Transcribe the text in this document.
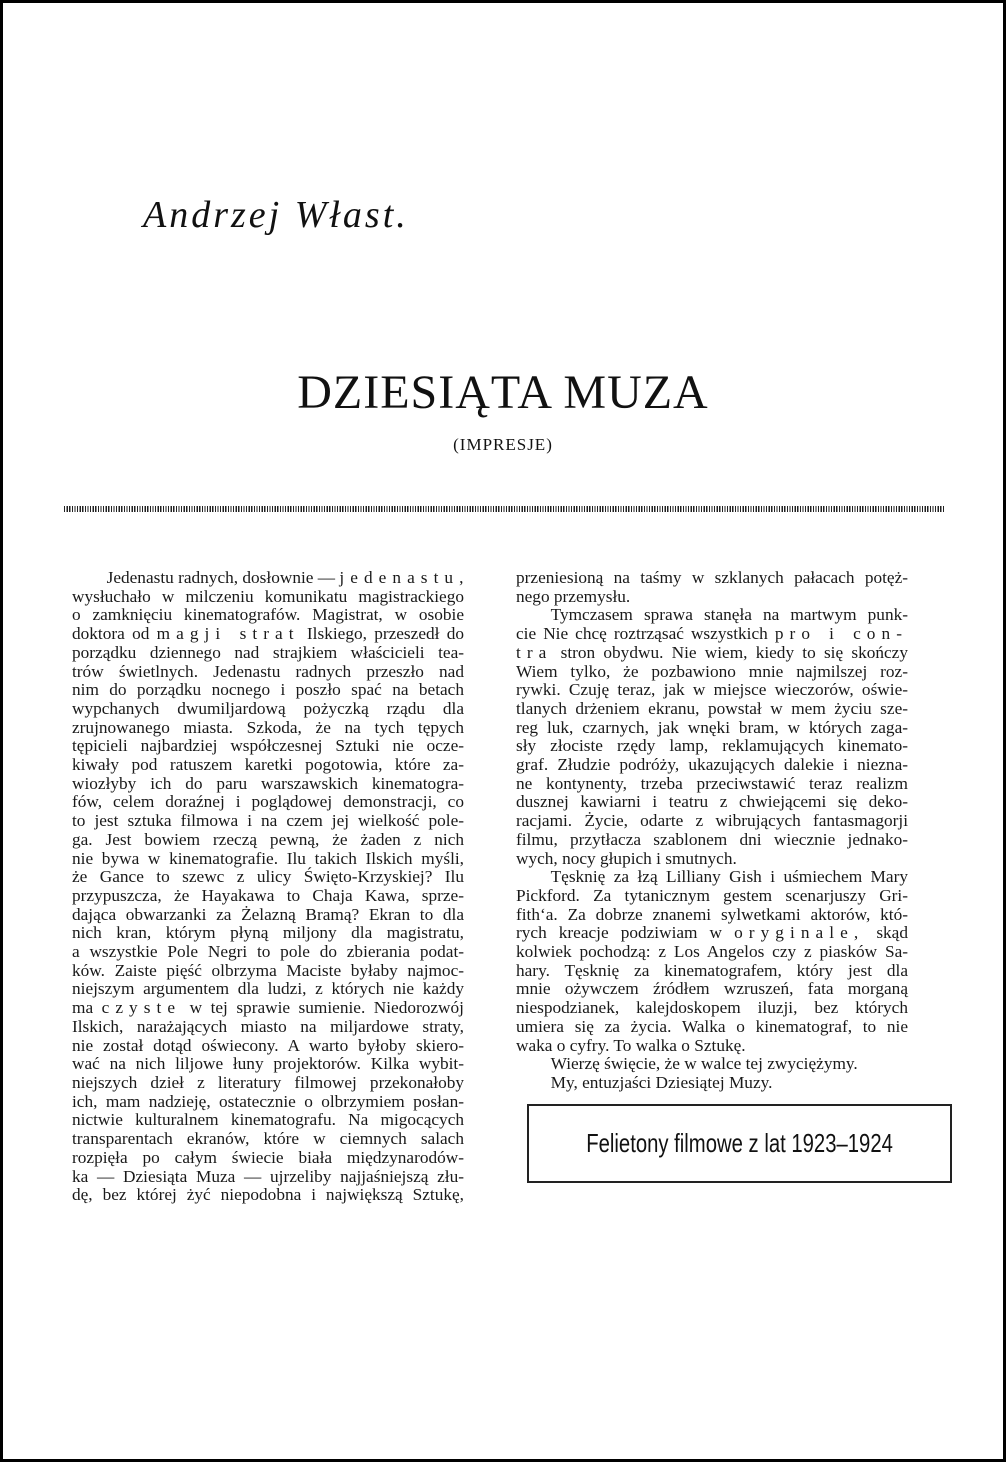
Andrzej Włast.
DZIESIĄTA MUZA
(IMPRESJE)
Jedenastu radnych, dosłownie — jedenastu,
wysłuchało w milczeniu komunikatu magistrackiego
o zamknięciu kinematografów. Magistrat, w osobie
doktora od magji strat Ilskiego, przeszedł do
porządku dziennego nad strajkiem właścicieli tea-
trów świetlnych. Jedenastu radnych przeszło nad
nim do porządku nocnego i poszło spać na betach
wypchanych dwumiljardową pożyczką rządu dla
zrujnowanego miasta. Szkoda, że na tych tępych
tępicieli najbardziej współczesnej Sztuki nie ocze-
kiwały pod ratuszem karetki pogotowia, które za-
wiozłyby ich do paru warszawskich kinematogra-
fów, celem doraźnej i poglądowej demonstracji, co
to jest sztuka filmowa i na czem jej wielkość pole-
ga. Jest bowiem rzeczą pewną, że żaden z nich
nie bywa w kinematografie. Ilu takich Ilskich myśli,
że Gance to szewc z ulicy Święto-Krzyskiej? Ilu
przypuszcza, że Hayakawa to Chaja Kawa, sprze-
dająca obwarzanki za Żelazną Bramą? Ekran to dla
nich kran, którym płyną miljony dla magistratu,
a wszystkie Pole Negri to pole do zbierania podat-
ków. Zaiste pięść olbrzyma Maciste byłaby najmoc-
niejszym argumentem dla ludzi, z których nie każdy
ma czyste w tej sprawie sumienie. Niedorozwój
Ilskich, narażających miasto na miljardowe straty,
nie został dotąd oświecony. A warto byłoby skiero-
wać na nich liljowe łuny projektorów. Kilka wybit-
niejszych dzieł z literatury filmowej przekonałoby
ich, mam nadzieję, ostatecznie o olbrzymiem posłan-
nictwie kulturalnem kinematografu. Na migocących
transparentach ekranów, które w ciemnych salach
rozpięła po całym świecie biała międzynarodów-
ka — Dziesiąta Muza — ujrzeliby najjaśniejszą złu-
dę, bez której żyć niepodobna i największą Sztukę,
przeniesioną na taśmy w szklanych pałacach potęż-
nego przemysłu.
Tymczasem sprawa stanęła na martwym punk-
cie Nie chcę roztrząsać wszystkich pro i con-
tra stron obydwu. Nie wiem, kiedy to się skończy
Wiem tylko, że pozbawiono mnie najmilszej roz-
rywki. Czuję teraz, jak w miejsce wieczorów, oświe-
tlanych drżeniem ekranu, powstał w mem życiu sze-
reg luk, czarnych, jak wnęki bram, w których zaga-
sły złociste rzędy lamp, reklamujących kinemato-
graf. Złudzie podróży, ukazujących dalekie i niezna-
ne kontynenty, trzeba przeciwstawić teraz realizm
dusznej kawiarni i teatru z chwiejącemi się deko-
racjami. Życie, odarte z wibrujących fantasmagorji
filmu, przytłacza szablonem dni wiecznie jednako-
wych, nocy głupich i smutnych.
Tęsknię za łzą Lilliany Gish i uśmiechem Mary
Pickford. Za tytanicznym gestem scenarjuszy Gri-
fith‘a. Za dobrze znanemi sylwetkami aktorów, któ-
rych kreacje podziwiam w oryginale, skąd
kolwiek pochodzą: z Los Angelos czy z piasków Sa-
hary. Tęsknię za kinematografem, który jest dla
mnie ożywczem źródłem wzruszeń, fata morganą
niespodzianek, kalejdoskopem iluzji, bez których
umiera się za życia. Walka o kinematograf, to nie
waka o cyfry. To walka o Sztukę.
Wierzę święcie, że w walce tej zwyciężymy.
My, entuzjaści Dziesiątej Muzy.
Felietony filmowe z lat 1923–1924
